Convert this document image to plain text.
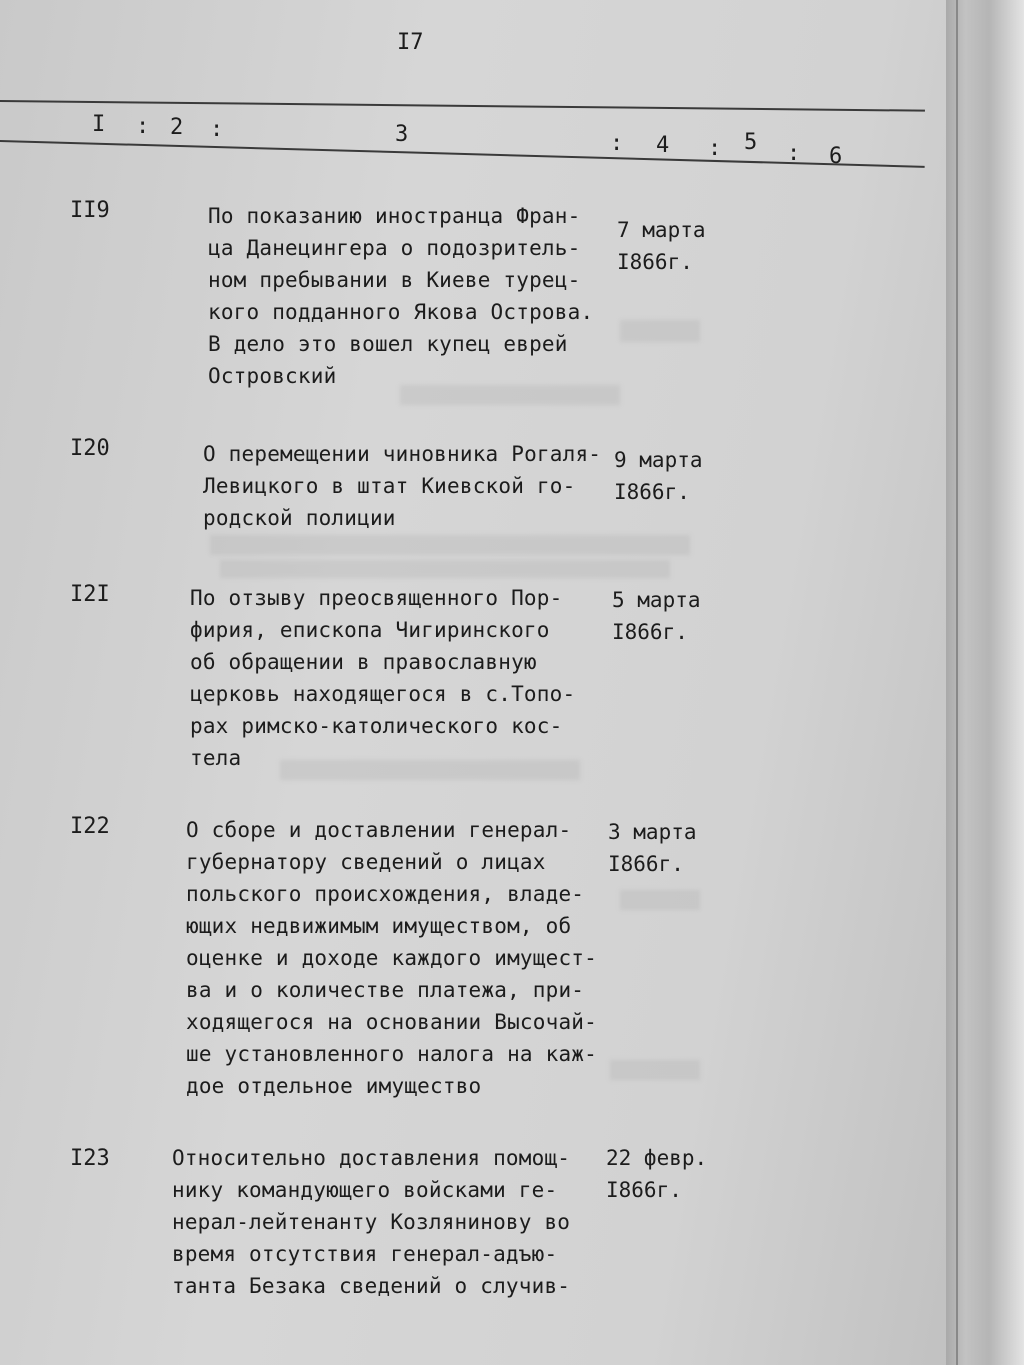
I7
I : 2 :	3	: 4 : 5 : 6
II9	По показанию иностранца Фран-
ца Данецингера о подозритель-
ном пребывании в Киеве турец-
кого подданного Якова Острова.
В дело это вошел купец еврей
Островский
7 марта
I866г.
I20	О перемещении чиновника Рогаля-
Левицкого в штат Киевской го-
родской полиции
9 марта
I866г.
I2I	По отзыву преосвященного Пор-
фирия, епископа Чигиринского
об обращении в православную
церковь находящегося в с.Топо-
рах римско-католического кос-
тела
5 марта
I866г.
I22	О сборе и доставлении генерал-
губернатору сведений о лицах
польского происхождения, владе-
ющих недвижимым имуществом, об
оценке и доходе каждого имущест-
ва и о количестве платежа, при-
ходящегося на основании Высочай-
ше установленного налога на каж-
дое отдельное имущество
3 марта
I866г.
I23	Относительно доставления помощ-
нику командующего войсками ге-
нерал-лейтенанту Козлянинову во
время отсутствия генерал-адъю-
танта Безака сведений о случив-
22 февр.
I866г.
